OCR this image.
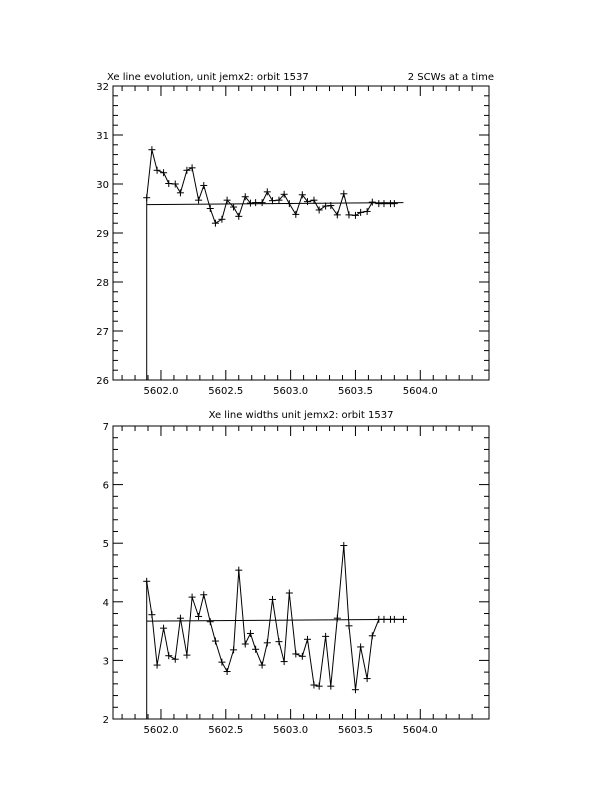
Xe line evolution, unit jemx2: orbit 1537	2 SCWs at a time
5602.0	5602.5	5603.0	5603.5	5604.0
26
27
28
29
30
31
32
Xe line widths unit jemx2: orbit 1537
5602.0	5602.5	5603.0	5603.5	5604.0
2
3
4
5
6
7
